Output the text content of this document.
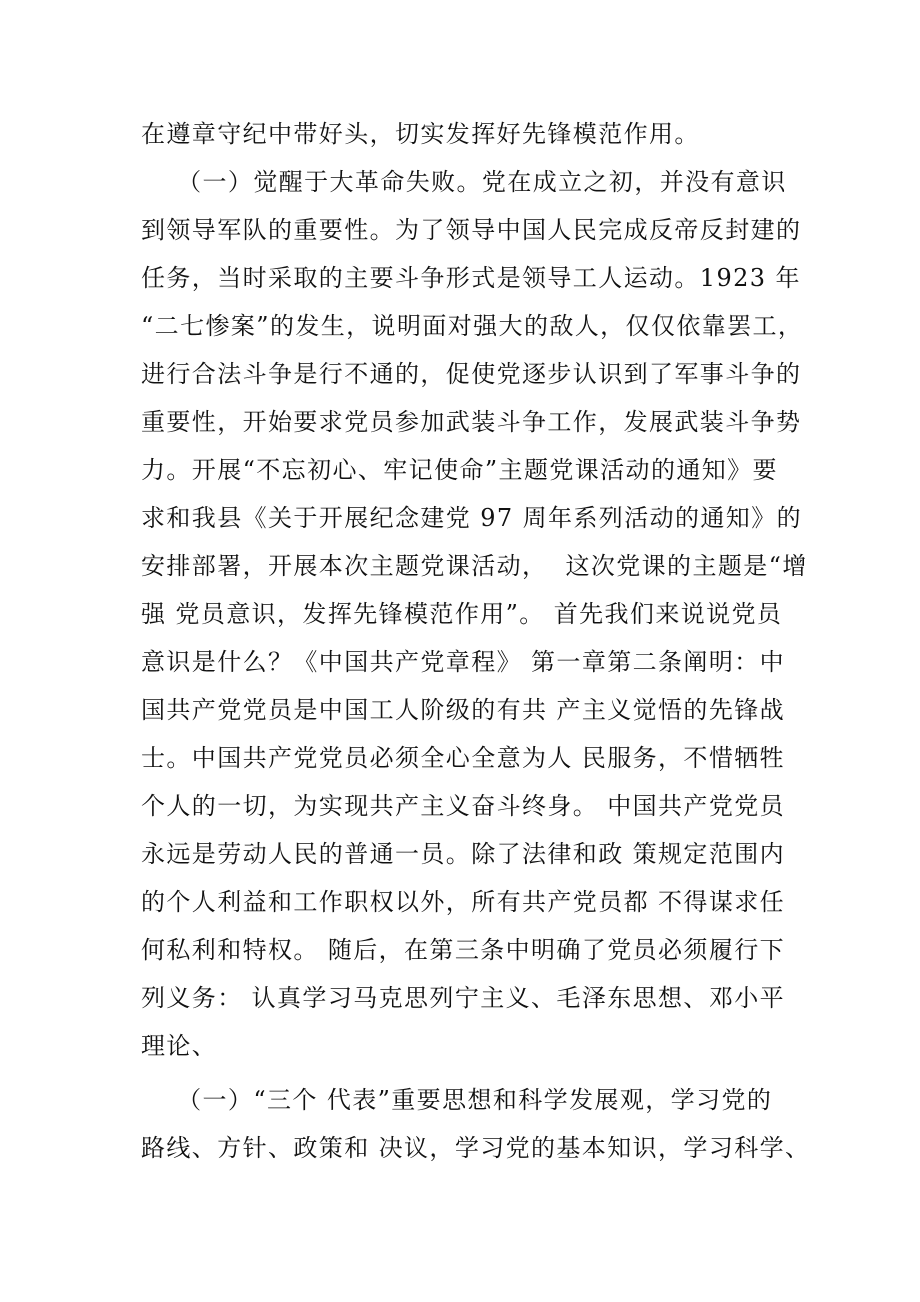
在遵章守纪中带好头，切实发挥好先锋模范作用。

（一）觉醒于大革命失败。党在成立之初，并没有意识

到领导军队的重要性。为了领导中国人民完成反帝反封建的

任务，当时采取的主要斗争形式是领导工人运动。1923 年

“二七惨案”的发生，说明面对强大的敌人，仅仅依靠罢工，

进行合法斗争是行不通的，促使党逐步认识到了军事斗争的

重要性，开始要求党员参加武装斗争工作，发展武装斗争势

力。开展“不忘初心、牢记使命”主题党课活动的通知》要

求和我县《关于开展纪念建党 97 周年系列活动的通知》的

安排部署，开展本次主题党课活动，  这次党课的主题是“增

强 党员意识，发挥先锋模范作用”。 首先我们来说说党员

意识是什么？《中国共产党章程》 第一章第二条阐明：中

国共产党党员是中国工人阶级的有共 产主义觉悟的先锋战

士。中国共产党党员必须全心全意为人 民服务，不惜牺牲

个人的一切，为实现共产主义奋斗终身。 中国共产党党员

永远是劳动人民的普通一员。除了法律和政 策规定范围内

的个人利益和工作职权以外，所有共产党员都 不得谋求任

何私利和特权。 随后，在第三条中明确了党员必须履行下

列义务： 认真学习马克思列宁主义、毛泽东思想、邓小平

理论、

（一）“三个 代表”重要思想和科学发展观，学习党的

路线、方针、政策和 决议，学习党的基本知识，学习科学、
